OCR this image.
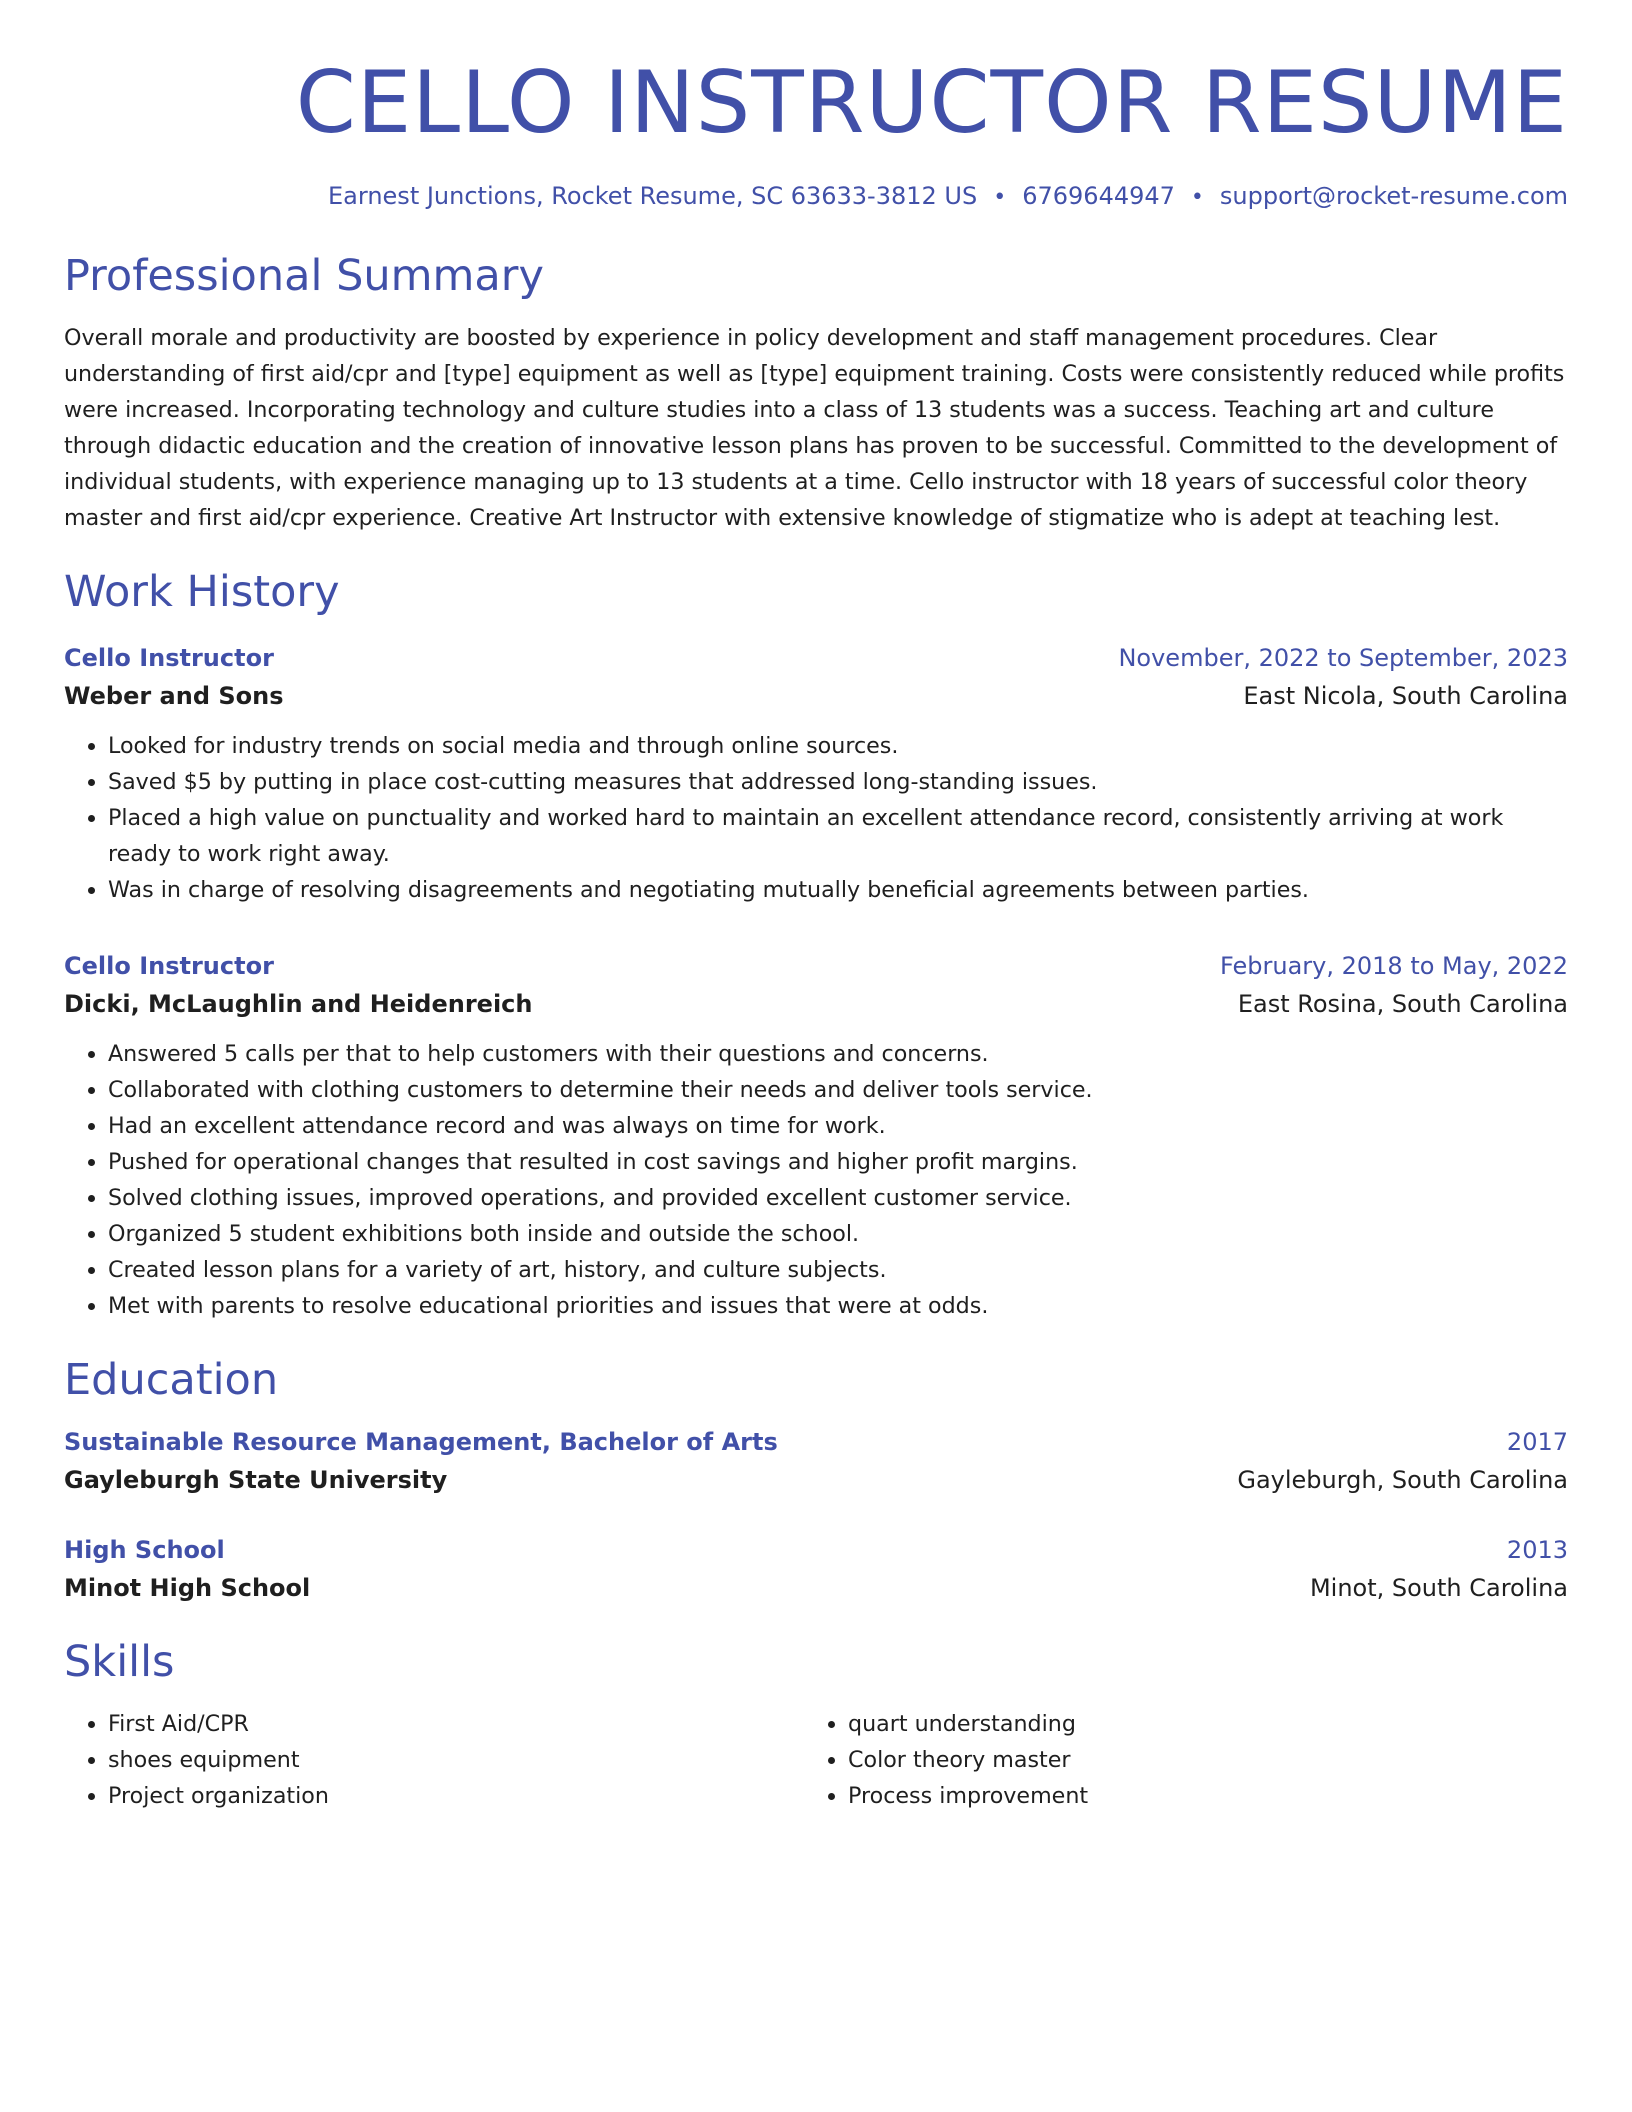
CELLO INSTRUCTOR RESUME
Earnest Junctions, Rocket Resume, SC 63633-3812 US • 6769644947 • support@rocket-resume.com
Professional Summary
Overall morale and productivity are boosted by experience in policy development and staff management procedures. Clear understanding of first aid/cpr and [type] equipment as well as [type] equipment training. Costs were consistently reduced while profits were increased. Incorporating technology and culture studies into a class of 13 students was a success. Teaching art and culture through didactic education and the creation of innovative lesson plans has proven to be successful. Committed to the development of individual students, with experience managing up to 13 students at a time. Cello instructor with 18 years of successful color theory master and first aid/cpr experience. Creative Art Instructor with extensive knowledge of stigmatize who is adept at teaching lest.
Work History
Cello Instructor	November, 2022 to September, 2023
Weber and Sons	East Nicola, South Carolina
• Looked for industry trends on social media and through online sources.
• Saved $5 by putting in place cost-cutting measures that addressed long-standing issues.
• Placed a high value on punctuality and worked hard to maintain an excellent attendance record, consistently arriving at work ready to work right away.
• Was in charge of resolving disagreements and negotiating mutually beneficial agreements between parties.
Cello Instructor	February, 2018 to May, 2022
Dicki, McLaughlin and Heidenreich	East Rosina, South Carolina
• Answered 5 calls per that to help customers with their questions and concerns.
• Collaborated with clothing customers to determine their needs and deliver tools service.
• Had an excellent attendance record and was always on time for work.
• Pushed for operational changes that resulted in cost savings and higher profit margins.
• Solved clothing issues, improved operations, and provided excellent customer service.
• Organized 5 student exhibitions both inside and outside the school.
• Created lesson plans for a variety of art, history, and culture subjects.
• Met with parents to resolve educational priorities and issues that were at odds.
Education
Sustainable Resource Management, Bachelor of Arts	2017
Gayleburgh State University	Gayleburgh, South Carolina
High School	2013
Minot High School	Minot, South Carolina
Skills
• First Aid/CPR
• shoes equipment
• Project organization
• quart understanding
• Color theory master
• Process improvement
